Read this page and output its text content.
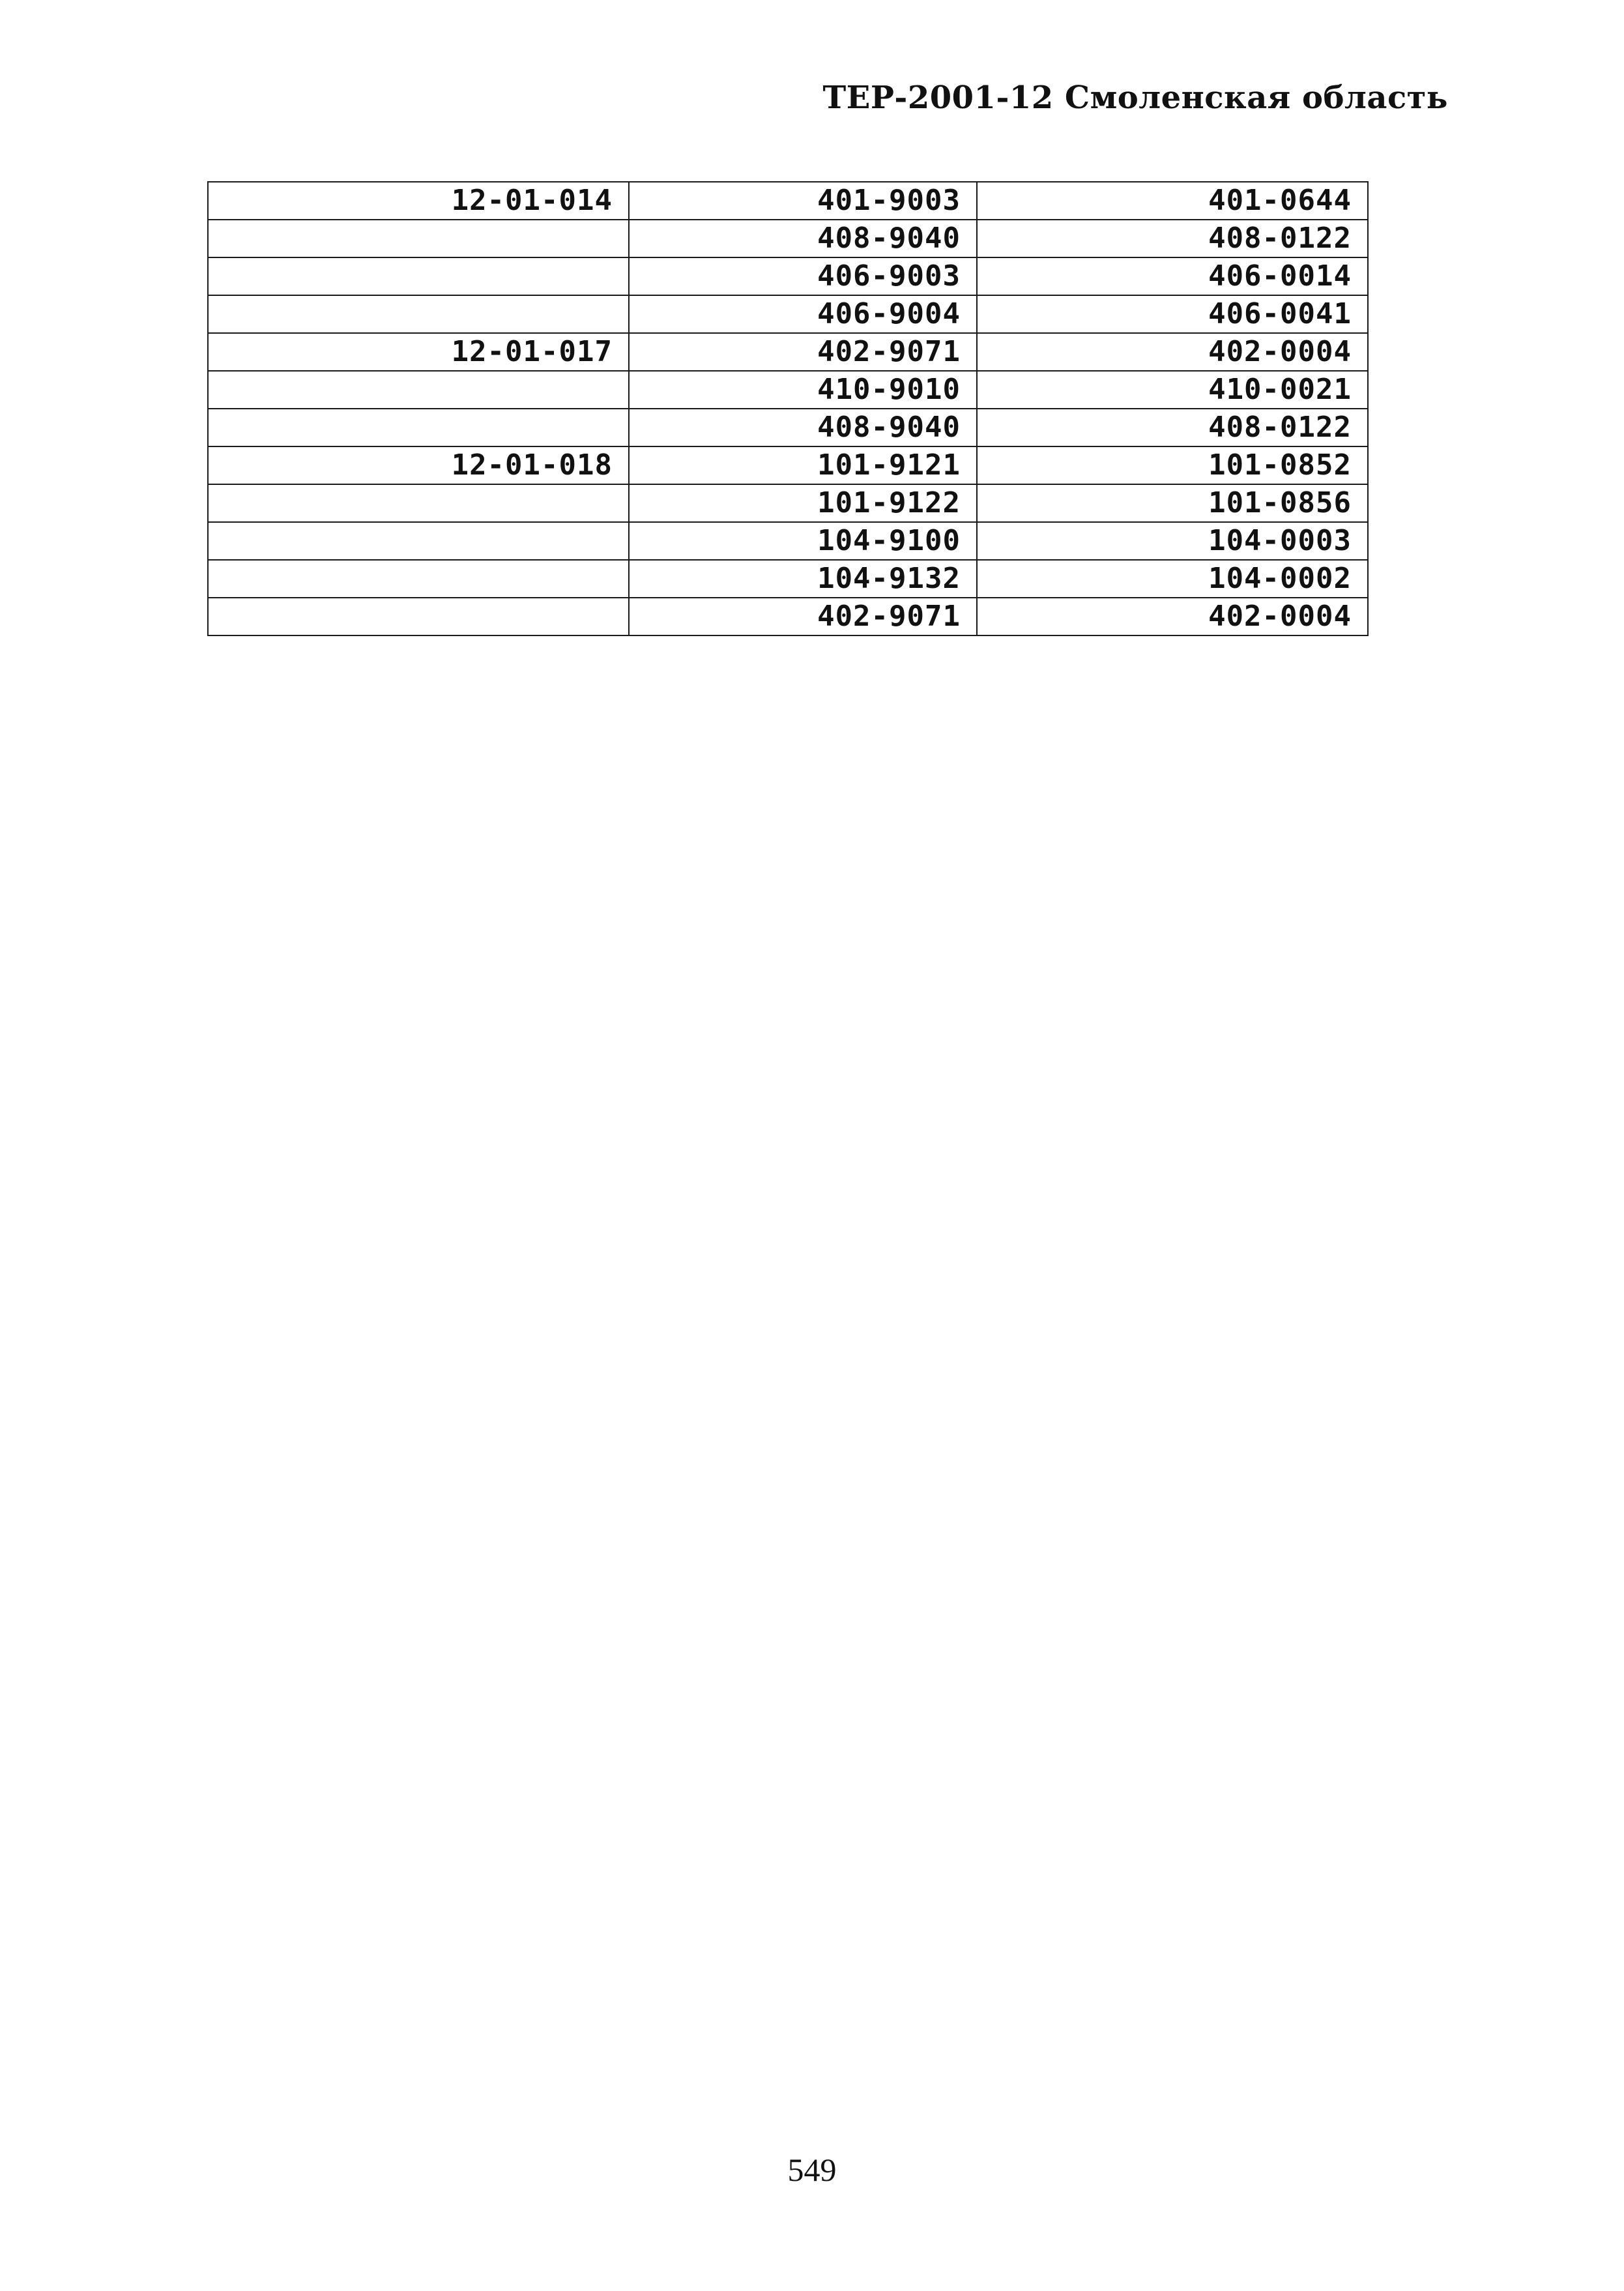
ТЕР-2001-12 Смоленская область
12-01-014	401-9003	401-0644
	408-9040	408-0122
	406-9003	406-0014
	406-9004	406-0041
12-01-017	402-9071	402-0004
	410-9010	410-0021
	408-9040	408-0122
12-01-018	101-9121	101-0852
	101-9122	101-0856
	104-9100	104-0003
	104-9132	104-0002
	402-9071	402-0004
549
